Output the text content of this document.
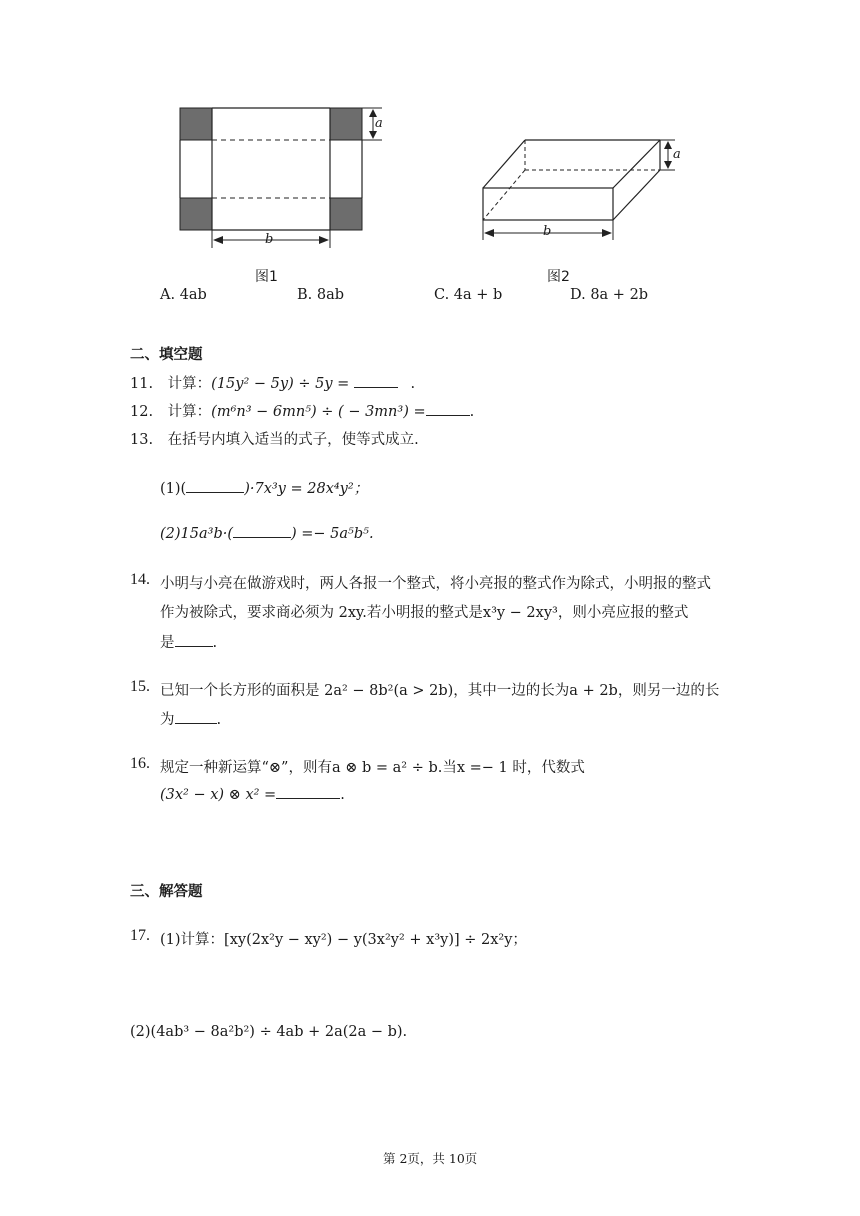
a
b
图1
a
b
图2
A. 4ab	B. 8ab	C. 4a + b	D. 8a + 2b
二、填空题
11. 计算：(15y² − 5y) ÷ 5y =	.
12. 计算：(m⁶n³ − 6mn⁵) ÷ ( − 3mn³) =	.
13. 在括号内填入适当的式子，使等式成立.
(1)(	)·7x³y = 28x⁴y²；
(2)15a³b·(	) =− 5a⁵b⁵.
14. 小明与小亮在做游戏时，两人各报一个整式，将小亮报的整式作为除式，小明报的整式
作为被除式，要求商必须为 2xy.若小明报的整式是x³y − 2xy³，则小亮应报的整式
是	.
15. 已知一个长方形的面积是 2a² − 8b²(a > 2b)，其中一边的长为a + 2b，则另一边的长
为	.
16. 规定一种新运算“⊗”，则有a ⊗ b = a² ÷ b.当x =− 1 时，代数式
(3x² − x) ⊗ x² =	.
三、解答题
17. (1)计算：[xy(2x²y − xy²) − y(3x²y² + x³y)] ÷ 2x²y；
(2)(4ab³ − 8a²b²) ÷ 4ab + 2a(2a − b).
第 2页，共 10页
